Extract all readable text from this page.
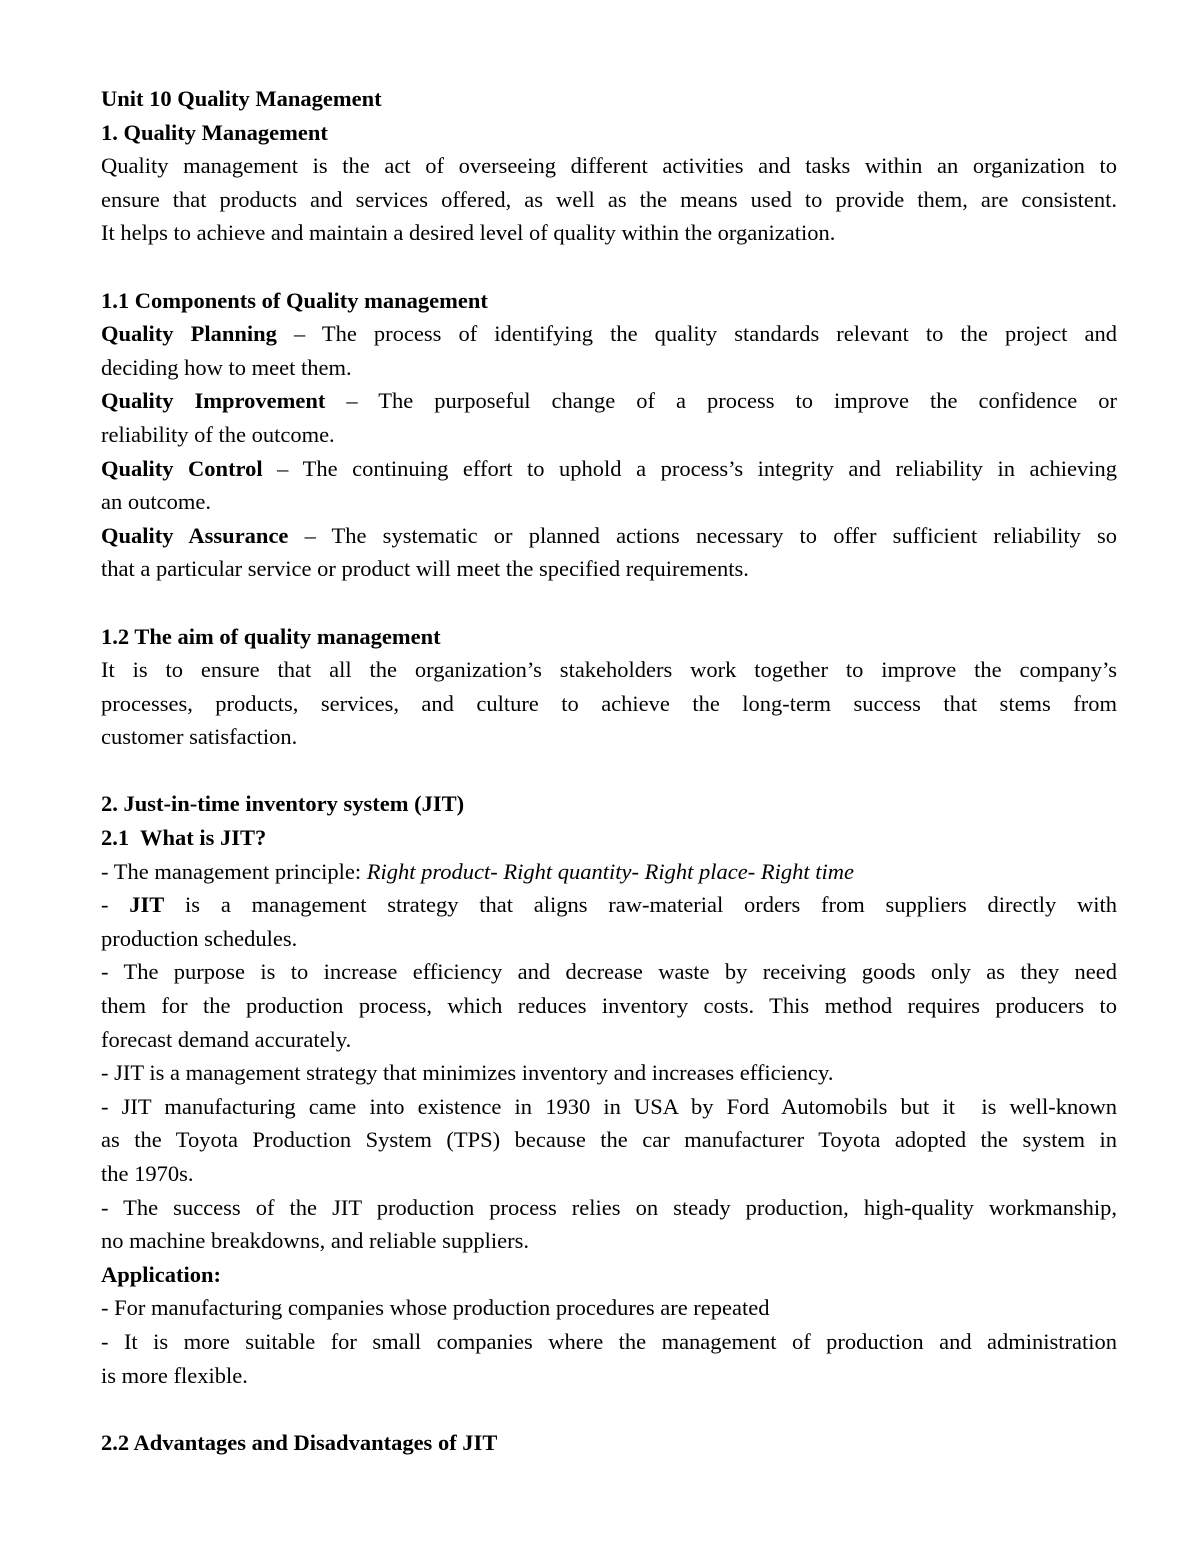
Unit 10 Quality Management
1. Quality Management
Quality management is the act of overseeing different activities and tasks within an organization to
ensure that products and services offered, as well as the means used to provide them, are consistent.
It helps to achieve and maintain a desired level of quality within the organization.
1.1 Components of Quality management
Quality Planning – The process of identifying the quality standards relevant to the project and
deciding how to meet them.
Quality Improvement – The purposeful change of a process to improve the confidence or
reliability of the outcome.
Quality Control – The continuing effort to uphold a process’s integrity and reliability in achieving
an outcome.
Quality Assurance – The systematic or planned actions necessary to offer sufficient reliability so
that a particular service or product will meet the specified requirements.
1.2 The aim of quality management
It is to ensure that all the organization’s stakeholders work together to improve the company’s
processes, products, services, and culture to achieve the long-term success that stems from
customer satisfaction.
2. Just-in-time inventory system (JIT)
2.1  What is JIT?
- The management principle: Right product- Right quantity- Right place- Right time
- JIT is a management strategy that aligns raw-material orders from suppliers directly with
production schedules.
- The purpose is to increase efficiency and decrease waste by receiving goods only as they need
them for the production process, which reduces inventory costs. This method requires producers to
forecast demand accurately.
- JIT is a management strategy that minimizes inventory and increases efficiency.
- JIT manufacturing came into existence in 1930 in USA by Ford Automobils but it  is well-known
as the Toyota Production System (TPS) because the car manufacturer Toyota adopted the system in
the 1970s.
- The success of the JIT production process relies on steady production, high-quality workmanship,
no machine breakdowns, and reliable suppliers.
Application:
- For manufacturing companies whose production procedures are repeated
- It is more suitable for small companies where the management of production and administration
is more flexible.
2.2 Advantages and Disadvantages of JIT
